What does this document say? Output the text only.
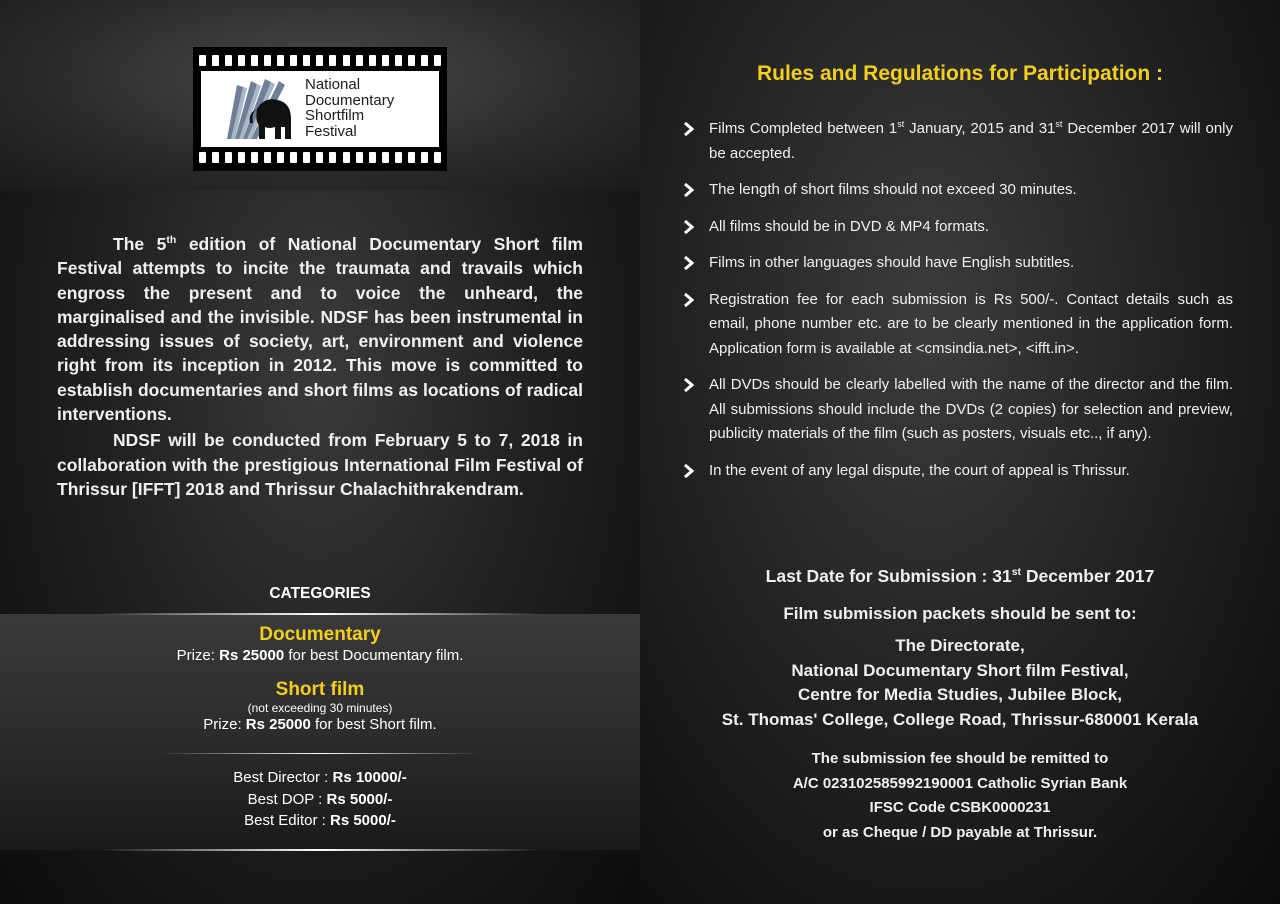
National
Documentary
Shortfilm
Festival

The 5th edition of National Documentary Short film Festival attempts to incite the traumata and travails which engross the present and to voice the unheard, the marginalised and the invisible. NDSF has been instrumental in addressing issues of society, art, environment and violence right from its inception in 2012. This move is committed to establish documentaries and short films as locations of radical interventions.

NDSF will be conducted from February 5 to 7, 2018 in collaboration with the prestigious International Film Festival of Thrissur [IFFT] 2018 and Thrissur Chalachithrakendram.

CATEGORIES
Documentary
Prize: Rs 25000 for best Documentary film.
Short film
(not exceeding 30 minutes)
Prize: Rs 25000 for best Short film.
Best Director : Rs 10000/-
Best DOP : Rs 5000/-
Best Editor : Rs 5000/-
Rules and Regulations for Participation :
Films Completed between 1st January, 2015 and 31st December 2017 will only be accepted.
The length of short films should not exceed 30 minutes.
All films should be in DVD & MP4 formats.
Films in other languages should have English subtitles.
Registration fee for each submission is Rs 500/-. Contact details such as email, phone number etc. are to be clearly mentioned in the application form. Application form is available at <cmsindia.net>, <ifft.in>.
All DVDs should be clearly labelled with the name of the director and the film. All submissions should include the DVDs (2 copies) for selection and preview, publicity materials of the film (such as posters, visuals etc.., if any).
In the event of any legal dispute, the court of appeal is Thrissur.
Last Date for Submission : 31st December 2017
Film submission packets should be sent to:
The Directorate,
National Documentary Short film Festival,
Centre for Media Studies, Jubilee Block,
St. Thomas' College, College Road, Thrissur-680001 Kerala
The submission fee should be remitted to
A/C 023102585992190001 Catholic Syrian Bank
IFSC Code CSBK0000231
or as Cheque / DD payable at Thrissur.
